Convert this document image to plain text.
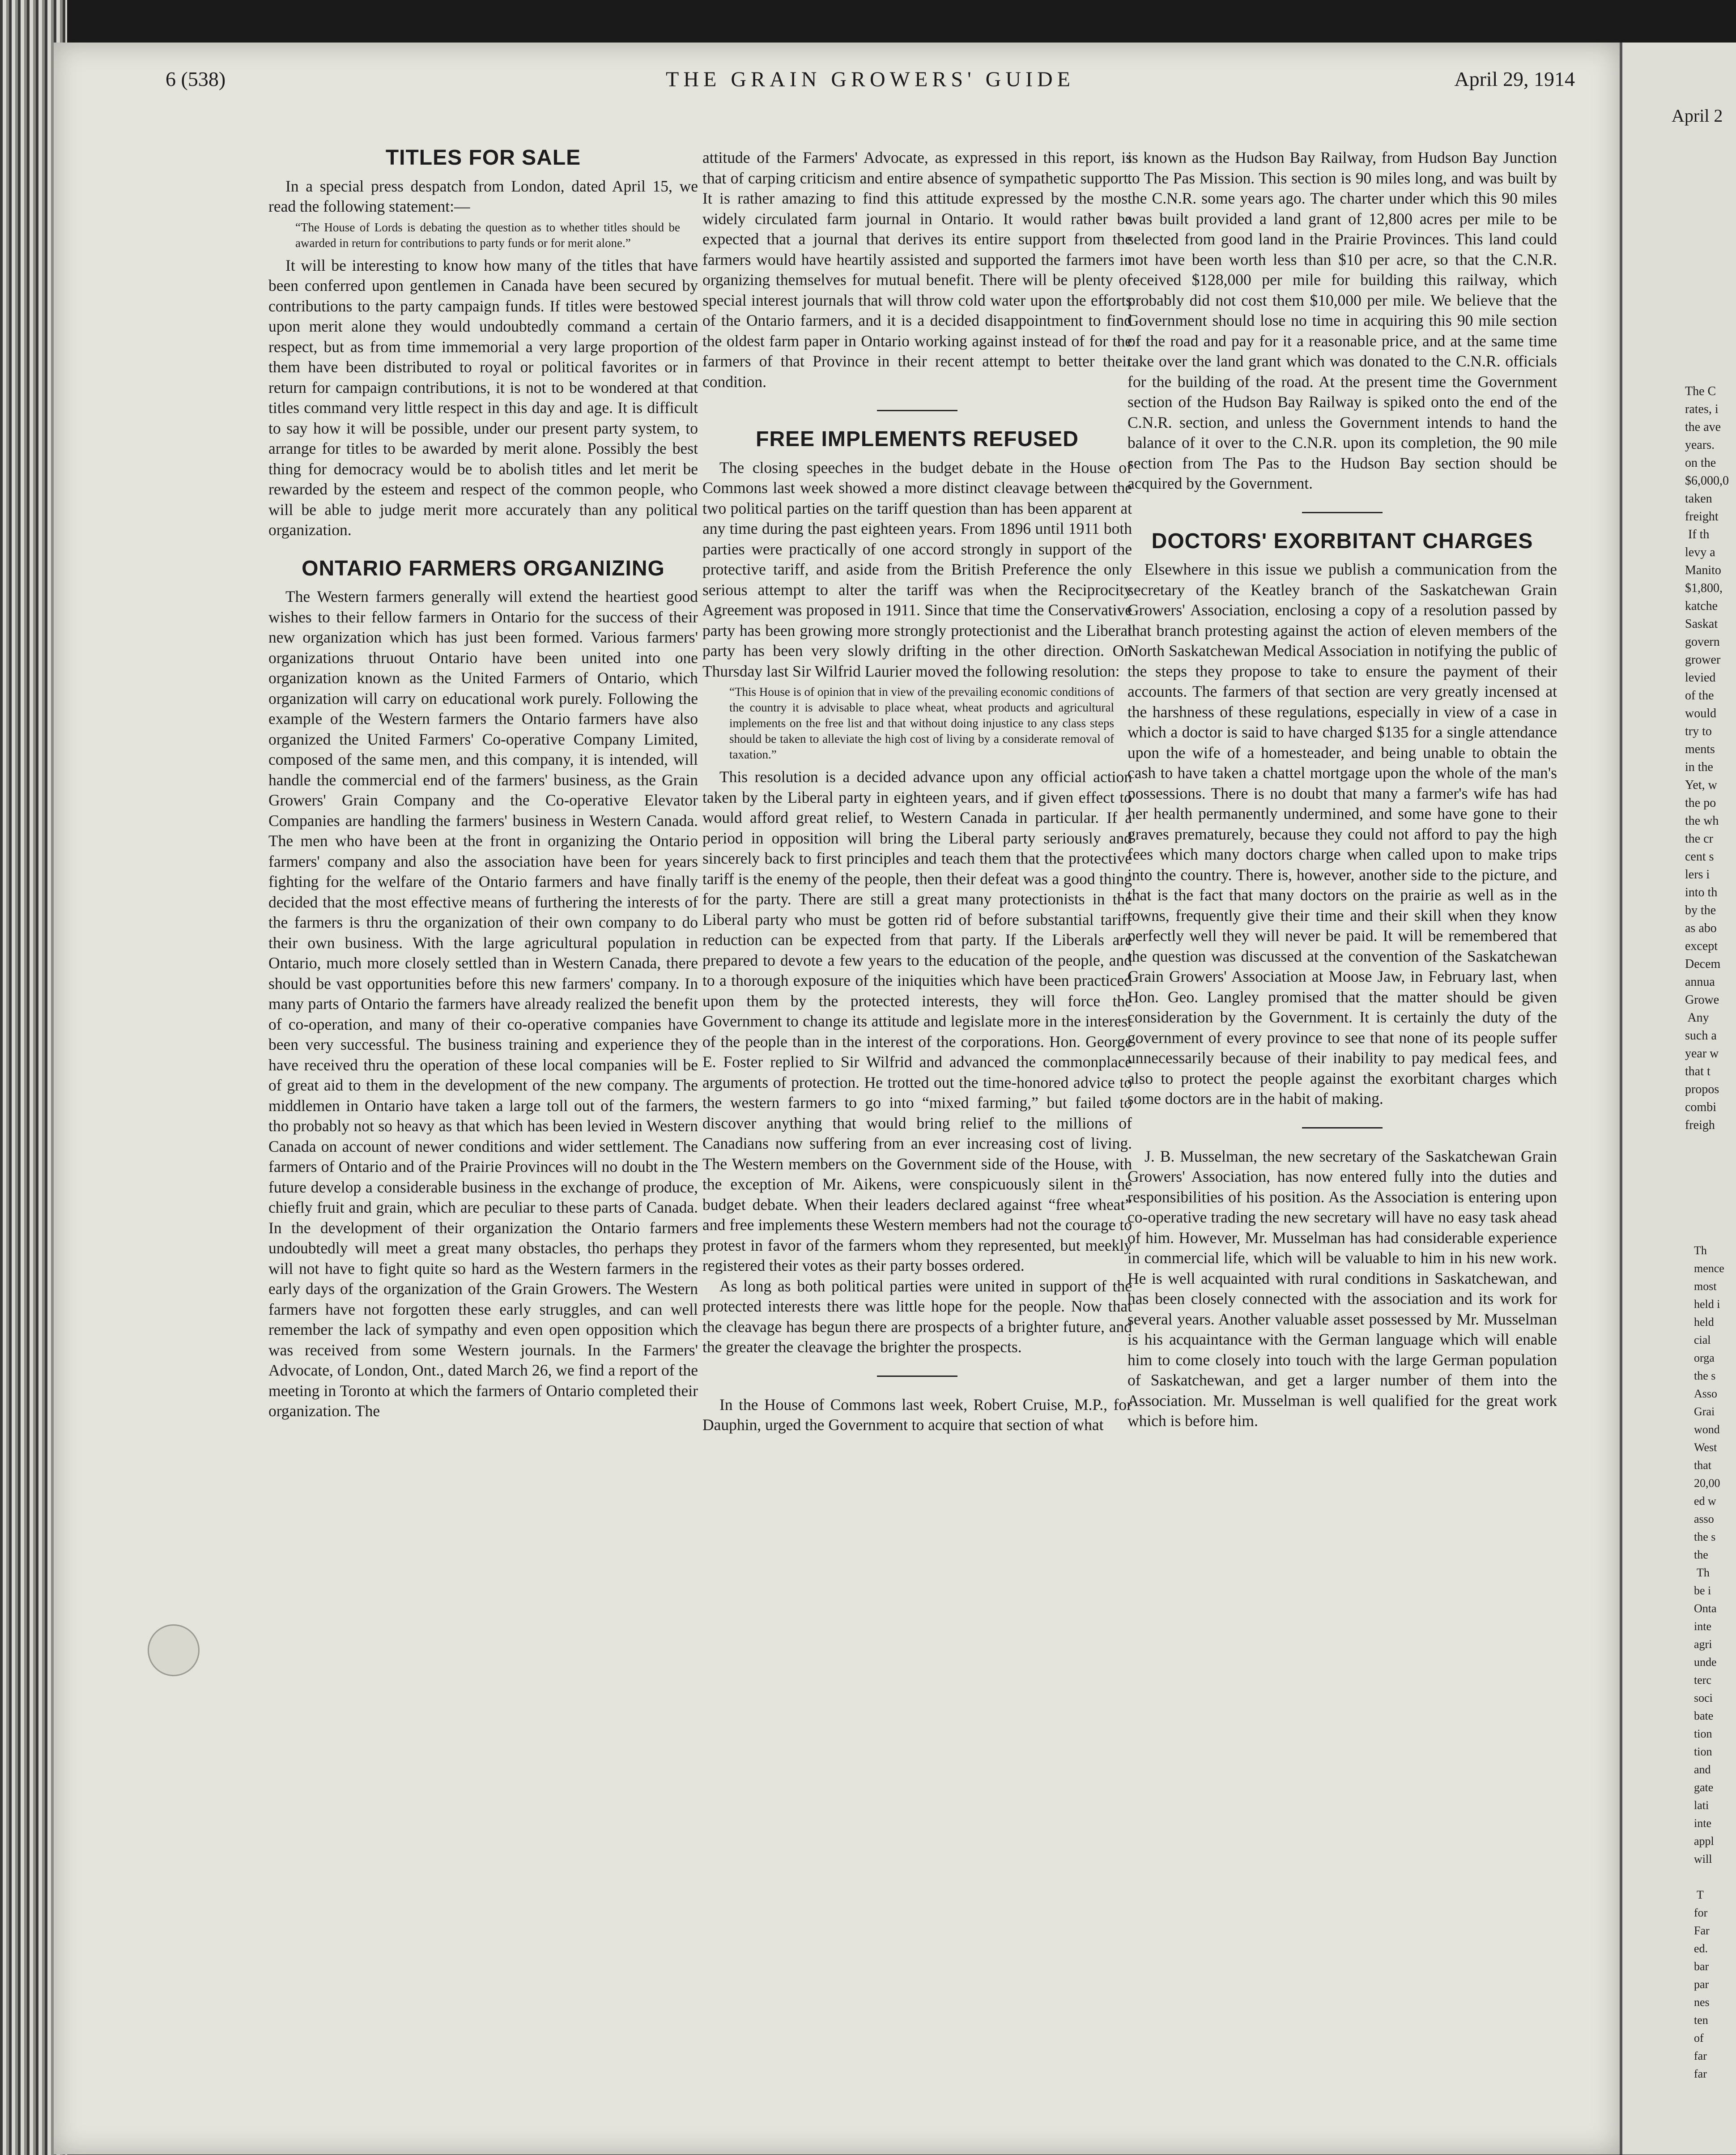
April 2
The C
rates, i
the ave
years.
on the
$6,000,0
taken
freight
If th
levy a
Manito
$1,800,
katche
Saskat
govern
grower
levied
of the
would
try to
ments
in the
Yet, w
the po
the wh
the cr
cent s
lers i
into th
by the
as abo
except
Decem
annua
Growe
Any
such a
year w
that t
propos
combi
freigh
Th
mence
most
held i
held
cial
orga
the s
Asso
Grai
wond
West
that
20,00
ed w
asso
the s
the
Th
be i
Onta
inte
agri
unde
terc
soci
bate
tion
tion
and
gate
lati
inte
appl
will

T
for
Far
ed.
bar
par
nes
ten
of
far
far
6 (538)	THE GRAIN GROWERS' GUIDE	April 29, 1914
TITLES FOR SALE

In a special press despatch from London, dated April 15, we read the following statement:—

“The House of Lords is debating the question as to whether titles should be awarded in return for contributions to party funds or for merit alone.”

It will be interesting to know how many of the titles that have been conferred upon gentlemen in Canada have been secured by contributions to the party campaign funds. If titles were bestowed upon merit alone they would undoubtedly command a certain respect, but as from time immemorial a very large proportion of them have been distributed to royal or political favorites or in return for campaign contributions, it is not to be wondered at that titles command very little respect in this day and age. It is difficult to say how it will be possible, under our present party system, to arrange for titles to be awarded by merit alone. Possibly the best thing for democracy would be to abolish titles and let merit be rewarded by the esteem and respect of the common people, who will be able to judge merit more accurately than any political organization.

ONTARIO FARMERS ORGANIZING

The Western farmers generally will extend the heartiest good wishes to their fellow farmers in Ontario for the success of their new organization which has just been formed. Various farmers' organizations thruout Ontario have been united into one organization known as the United Farmers of Ontario, which organization will carry on educational work purely. Following the example of the Western farmers the Ontario farmers have also organized the United Farmers' Co-operative Company Limited, composed of the same men, and this company, it is intended, will handle the commercial end of the farmers' business, as the Grain Growers' Grain Company and the Co-operative Elevator Companies are handling the farmers' business in Western Canada. The men who have been at the front in organizing the Ontario farmers' company and also the association have been for years fighting for the welfare of the Ontario farmers and have finally decided that the most effective means of furthering the interests of the farmers is thru the organization of their own company to do their own business. With the large agricultural population in Ontario, much more closely settled than in Western Canada, there should be vast opportunities before this new farmers' company. In many parts of Ontario the farmers have already realized the benefit of co-operation, and many of their co-operative companies have been very successful. The business training and experience they have received thru the operation of these local companies will be of great aid to them in the development of the new company. The middlemen in Ontario have taken a large toll out of the farmers, tho probably not so heavy as that which has been levied in Western Canada on account of newer conditions and wider settlement. The farmers of Ontario and of the Prairie Provinces will no doubt in the future develop a considerable business in the exchange of produce, chiefly fruit and grain, which are peculiar to these parts of Canada. In the development of their organization the Ontario farmers undoubtedly will meet a great many obstacles, tho perhaps they will not have to fight quite so hard as the Western farmers in the early days of the organization of the Grain Growers. The Western farmers have not forgotten these early struggles, and can well remember the lack of sympathy and even open opposition which was received from some Western journals. In the Farmers' Advocate, of London, Ont., dated March 26, we find a report of the meeting in Toronto at which the farmers of Ontario completed their organization. The

attitude of the Farmers' Advocate, as expressed in this report, is that of carping criticism and entire absence of sympathetic support. It is rather amazing to find this attitude expressed by the most widely circulated farm journal in Ontario. It would rather be expected that a journal that derives its entire support from the farmers would have heartily assisted and supported the farmers in organizing themselves for mutual benefit. There will be plenty of special interest journals that will throw cold water upon the efforts of the Ontario farmers, and it is a decided disappointment to find the oldest farm paper in Ontario working against instead of for the farmers of that Province in their recent attempt to better their condition.

FREE IMPLEMENTS REFUSED

The closing speeches in the budget debate in the House of Commons last week showed a more distinct cleavage between the two political parties on the tariff question than has been apparent at any time during the past eighteen years. From 1896 until 1911 both parties were practically of one accord strongly in support of the protective tariff, and aside from the British Preference the only serious attempt to alter the tariff was when the Reciprocity Agreement was proposed in 1911. Since that time the Conservative party has been growing more strongly protectionist and the Liberal party has been very slowly drifting in the other direction. On Thursday last Sir Wilfrid Laurier moved the following resolution:

“This House is of opinion that in view of the prevailing economic conditions of the country it is advisable to place wheat, wheat products and agricultural implements on the free list and that without doing injustice to any class steps should be taken to alleviate the high cost of living by a considerate removal of taxation.”

This resolution is a decided advance upon any official action taken by the Liberal party in eighteen years, and if given effect to would afford great relief, to Western Canada in particular. If a period in opposition will bring the Liberal party seriously and sincerely back to first principles and teach them that the protective tariff is the enemy of the people, then their defeat was a good thing for the party. There are still a great many protectionists in the Liberal party who must be gotten rid of before substantial tariff reduction can be expected from that party. If the Liberals are prepared to devote a few years to the education of the people, and to a thorough exposure of the iniquities which have been practiced upon them by the protected interests, they will force the Government to change its attitude and legislate more in the interest of the people than in the interest of the corporations. Hon. George E. Foster replied to Sir Wilfrid and advanced the commonplace arguments of protection. He trotted out the time-honored advice to the western farmers to go into “mixed farming,” but failed to discover anything that would bring relief to the millions of Canadians now suffering from an ever increasing cost of living. The Western members on the Government side of the House, with the exception of Mr. Aikens, were conspicuously silent in the budget debate. When their leaders declared against “free wheat” and free implements these Western members had not the courage to protest in favor of the farmers whom they represented, but meekly registered their votes as their party bosses ordered.

As long as both political parties were united in support of the protected interests there was little hope for the people. Now that the cleavage has begun there are prospects of a brighter future, and the greater the cleavage the brighter the prospects.

In the House of Commons last week, Robert Cruise, M.P., for Dauphin, urged the Government to acquire that section of what

is known as the Hudson Bay Railway, from Hudson Bay Junction to The Pas Mission. This section is 90 miles long, and was built by the C.N.R. some years ago. The charter under which this 90 miles was built provided a land grant of 12,800 acres per mile to be selected from good land in the Prairie Provinces. This land could not have been worth less than $10 per acre, so that the C.N.R. received $128,000 per mile for building this railway, which probably did not cost them $10,000 per mile. We believe that the Government should lose no time in acquiring this 90 mile section of the road and pay for it a reasonable price, and at the same time take over the land grant which was donated to the C.N.R. officials for the building of the road. At the present time the Government section of the Hudson Bay Railway is spiked onto the end of the C.N.R. section, and unless the Government intends to hand the balance of it over to the C.N.R. upon its completion, the 90 mile section from The Pas to the Hudson Bay section should be acquired by the Government.

DOCTORS' EXORBITANT CHARGES

Elsewhere in this issue we publish a communication from the secretary of the Keatley branch of the Saskatchewan Grain Growers' Association, enclosing a copy of a resolution passed by that branch protesting against the action of eleven members of the North Saskatchewan Medical Association in notifying the public of the steps they propose to take to ensure the payment of their accounts. The farmers of that section are very greatly incensed at the harshness of these regulations, especially in view of a case in which a doctor is said to have charged $135 for a single attendance upon the wife of a homesteader, and being unable to obtain the cash to have taken a chattel mortgage upon the whole of the man's possessions. There is no doubt that many a farmer's wife has had her health permanently undermined, and some have gone to their graves prematurely, because they could not afford to pay the high fees which many doctors charge when called upon to make trips into the country. There is, however, another side to the picture, and that is the fact that many doctors on the prairie as well as in the towns, frequently give their time and their skill when they know perfectly well they will never be paid. It will be remembered that the question was discussed at the convention of the Saskatchewan Grain Growers' Association at Moose Jaw, in February last, when Hon. Geo. Langley promised that the matter should be given consideration by the Government. It is certainly the duty of the government of every province to see that none of its people suffer unnecessarily because of their inability to pay medical fees, and also to protect the people against the exorbitant charges which some doctors are in the habit of making.

J. B. Musselman, the new secretary of the Saskatchewan Grain Growers' Association, has now entered fully into the duties and responsibilities of his position. As the Association is entering upon co-operative trading the new secretary will have no easy task ahead of him. However, Mr. Musselman has had considerable experience in commercial life, which will be valuable to him in his new work. He is well acquainted with rural conditions in Saskatchewan, and has been closely connected with the association and its work for several years. Another valuable asset possessed by Mr. Musselman is his acquaintance with the German language which will enable him to come closely into touch with the large German population of Saskatchewan, and get a larger number of them into the Association. Mr. Musselman is well qualified for the great work which is before him.
